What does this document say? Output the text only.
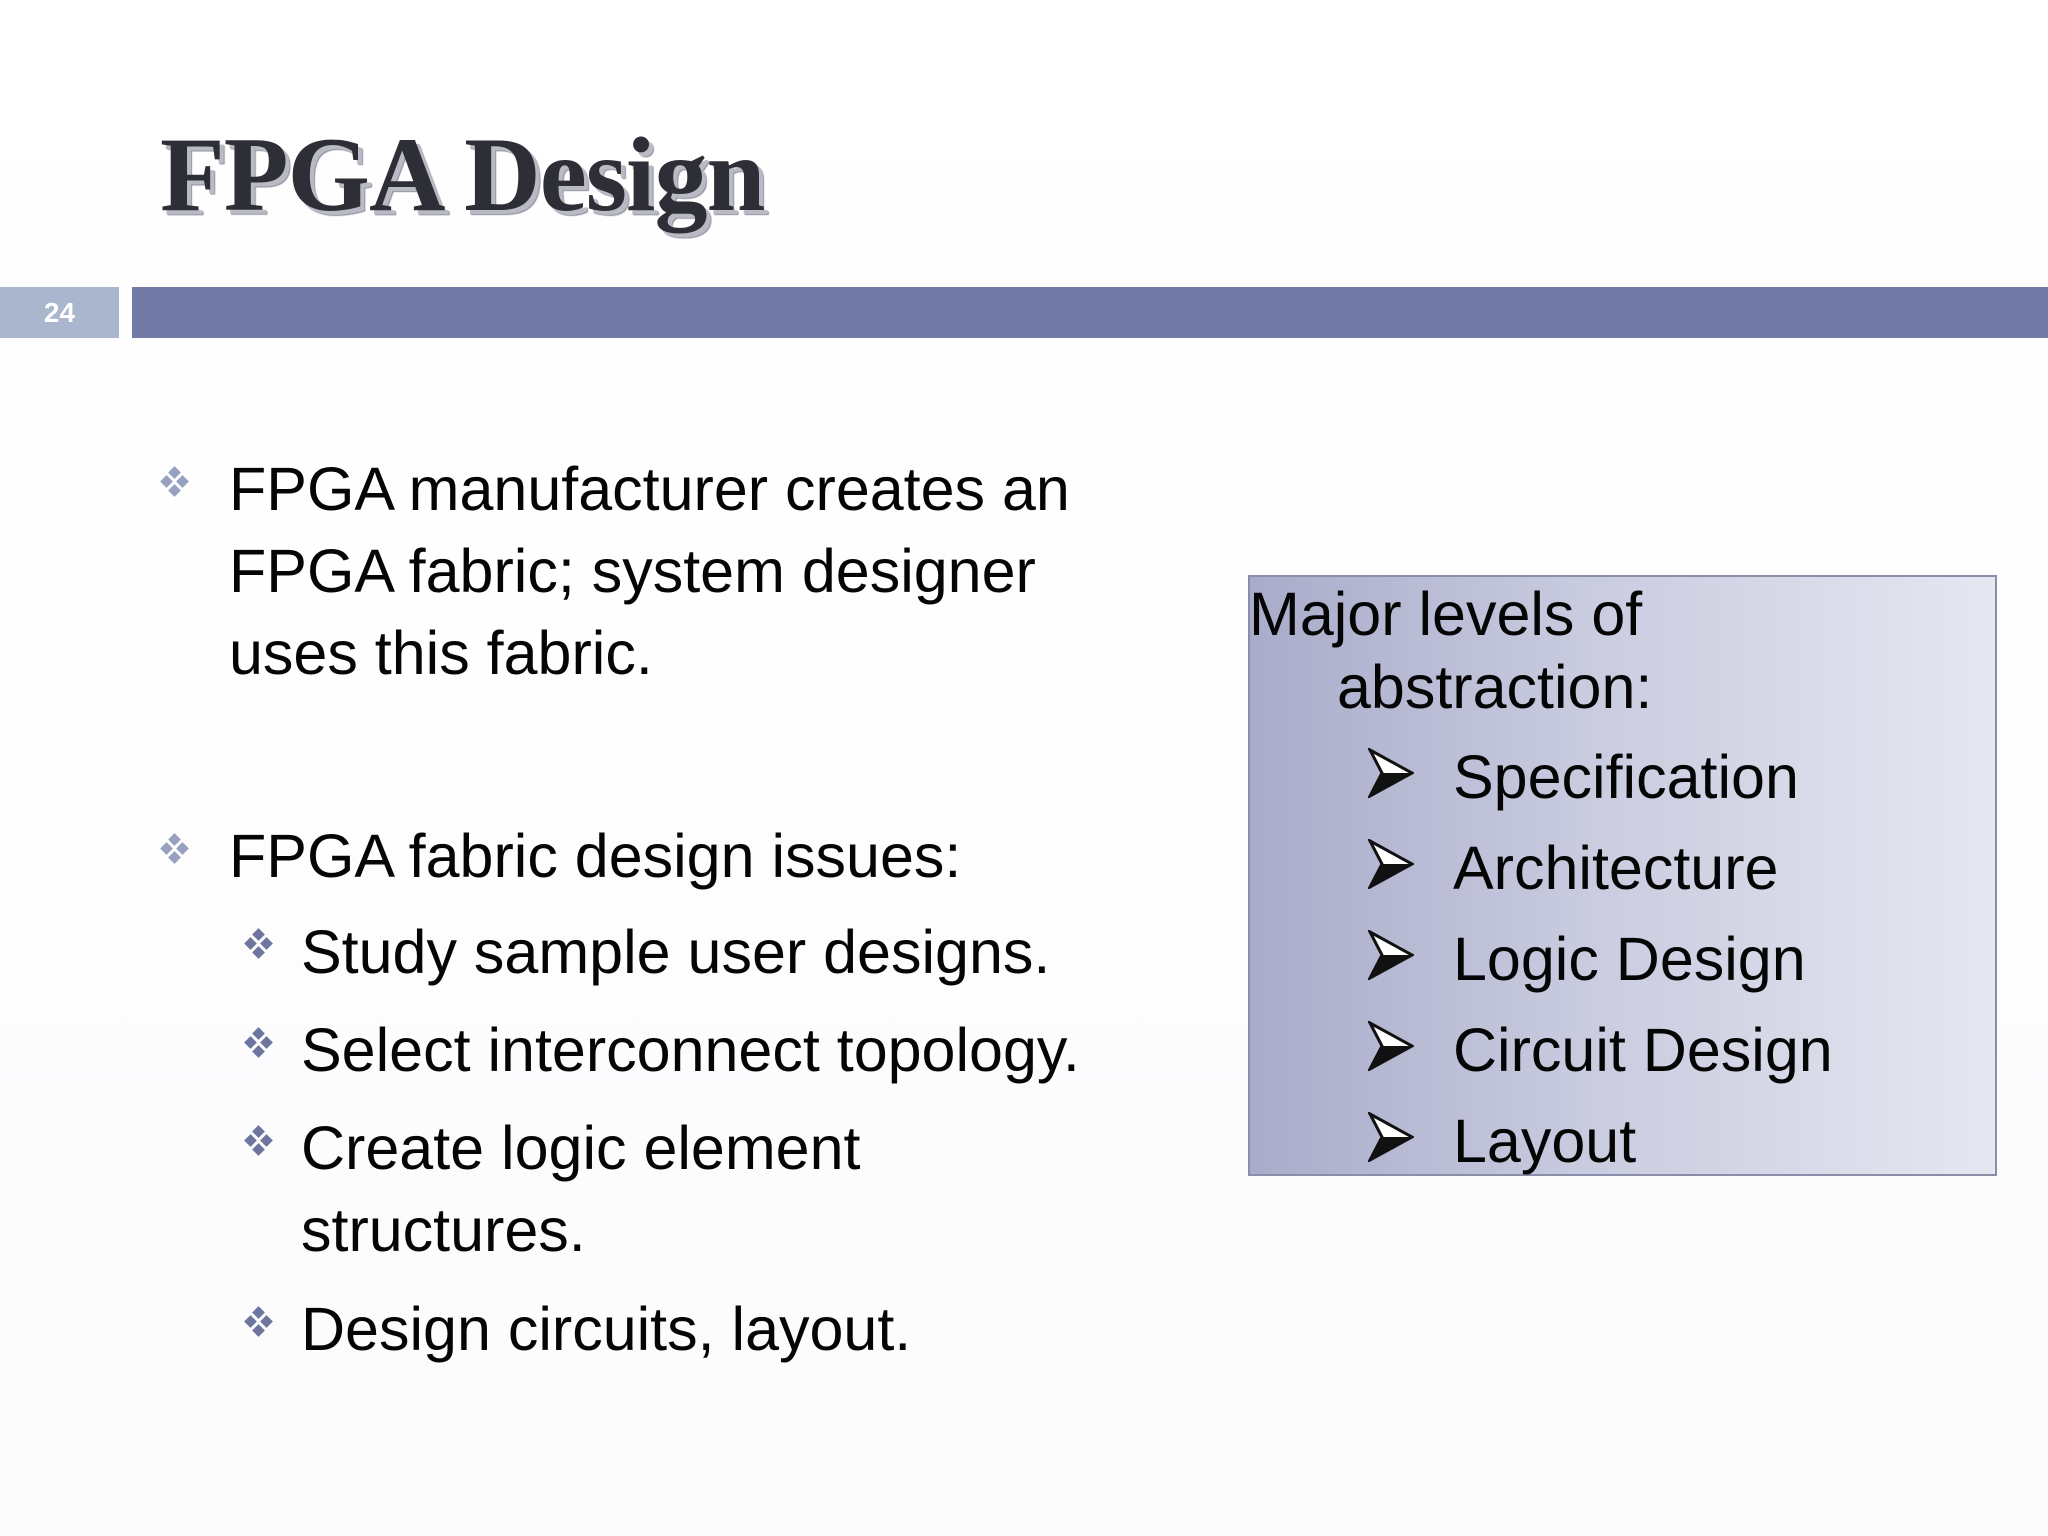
FPGA Design
24
FPGA manufacturer creates an
FPGA fabric; system designer
uses this fabric.
FPGA fabric design issues:
Study sample user designs.
Select interconnect topology.
Create logic element
structures.
Design circuits, layout.
Major levels of
abstraction:
Specification
Architecture
Logic Design
Circuit Design
Layout
